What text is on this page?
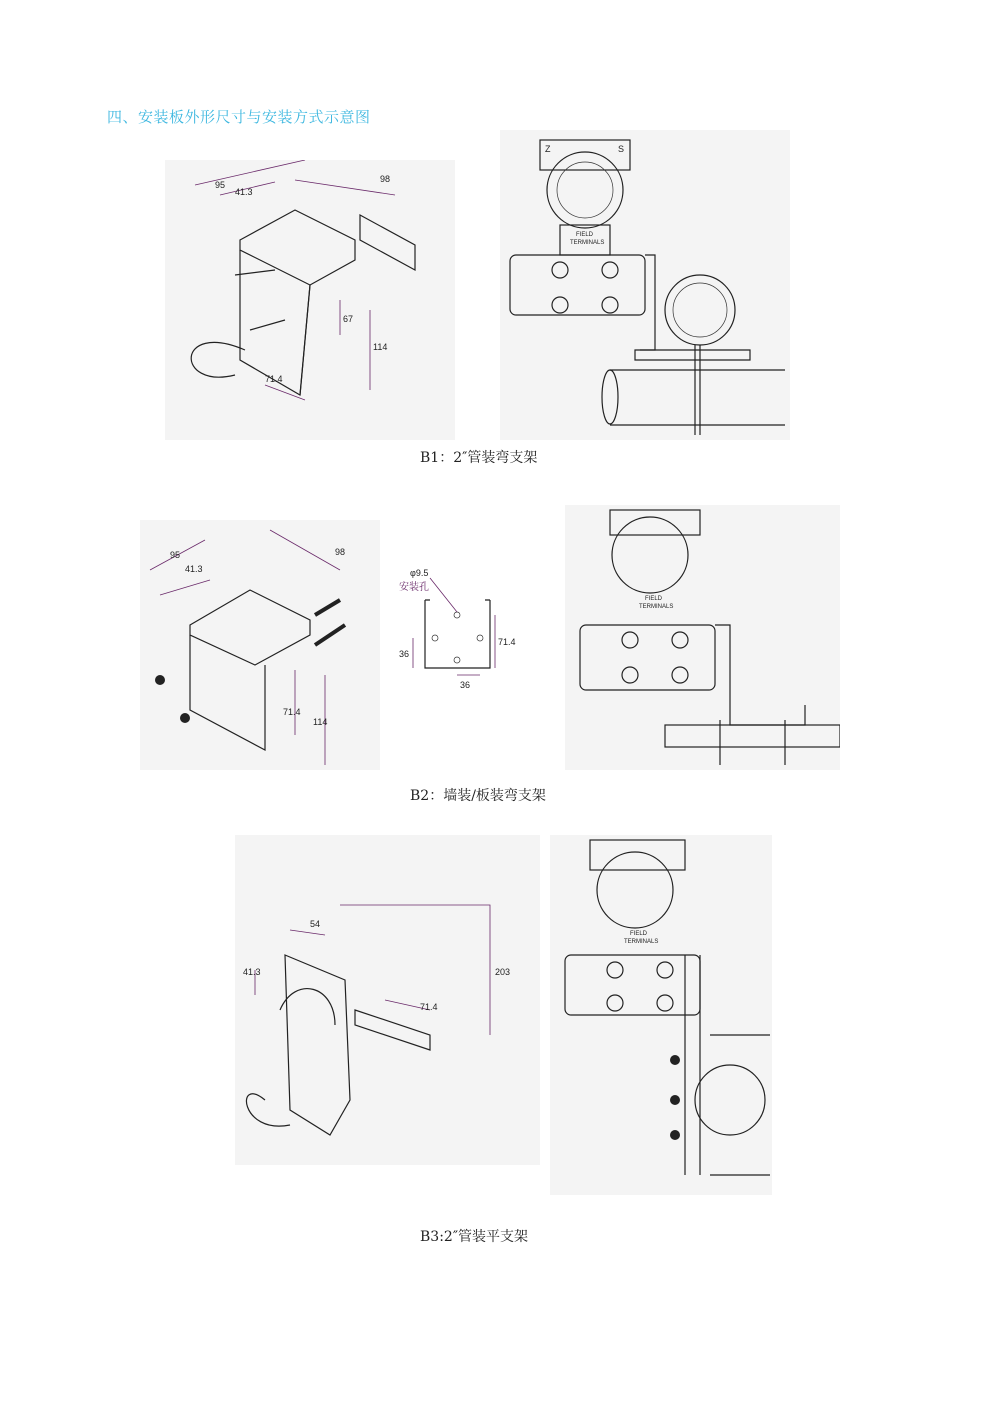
四、安装板外形尺寸与安装方式示意图
95
41.3
98
67
114
71.4
Z	S
FIELD
TERMINALS
B1：2″管装弯支架
95
41.3
98
71.4
114
φ9.5
安装孔
71.4
36
36
FIELD
TERMINALS
B2：墙装/板装弯支架
54
41.3	203
71.4
FIELD
TERMINALS
B3:2″管装平支架
